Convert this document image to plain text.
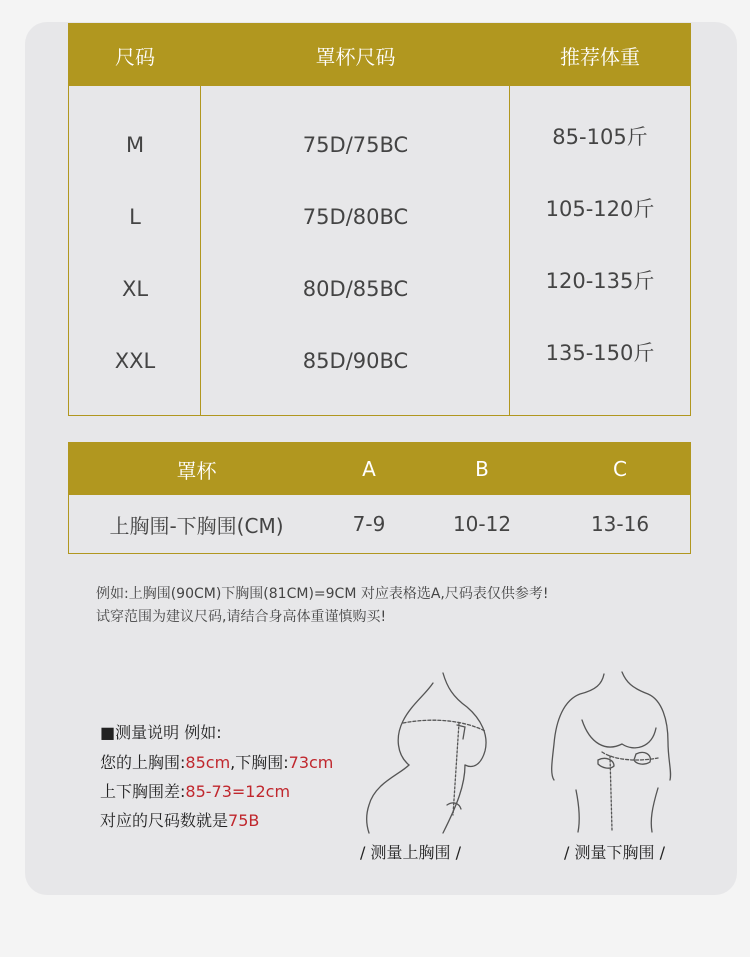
尺码	罩杯尺码	推荐体重
M	75D/75BC	85-105斤
L	75D/80BC	105-120斤
XL	80D/85BC	120-135斤
XXL	85D/90BC	135-150斤
罩杯	A	B	C
上胸围-下胸围(CM)	7-9	10-12	13-16
例如:上胸围(90CM)下胸围(81CM)=9CM 对应表格选A,尺码表仅供参考!
试穿范围为建议尺码,请结合身高体重谨慎购买!
■测量说明 例如:
您的上胸围:85cm,下胸围:73cm
上下胸围差:85-73=12cm
对应的尺码数就是75B
/ 测量上胸围 /	/ 测量下胸围 /
